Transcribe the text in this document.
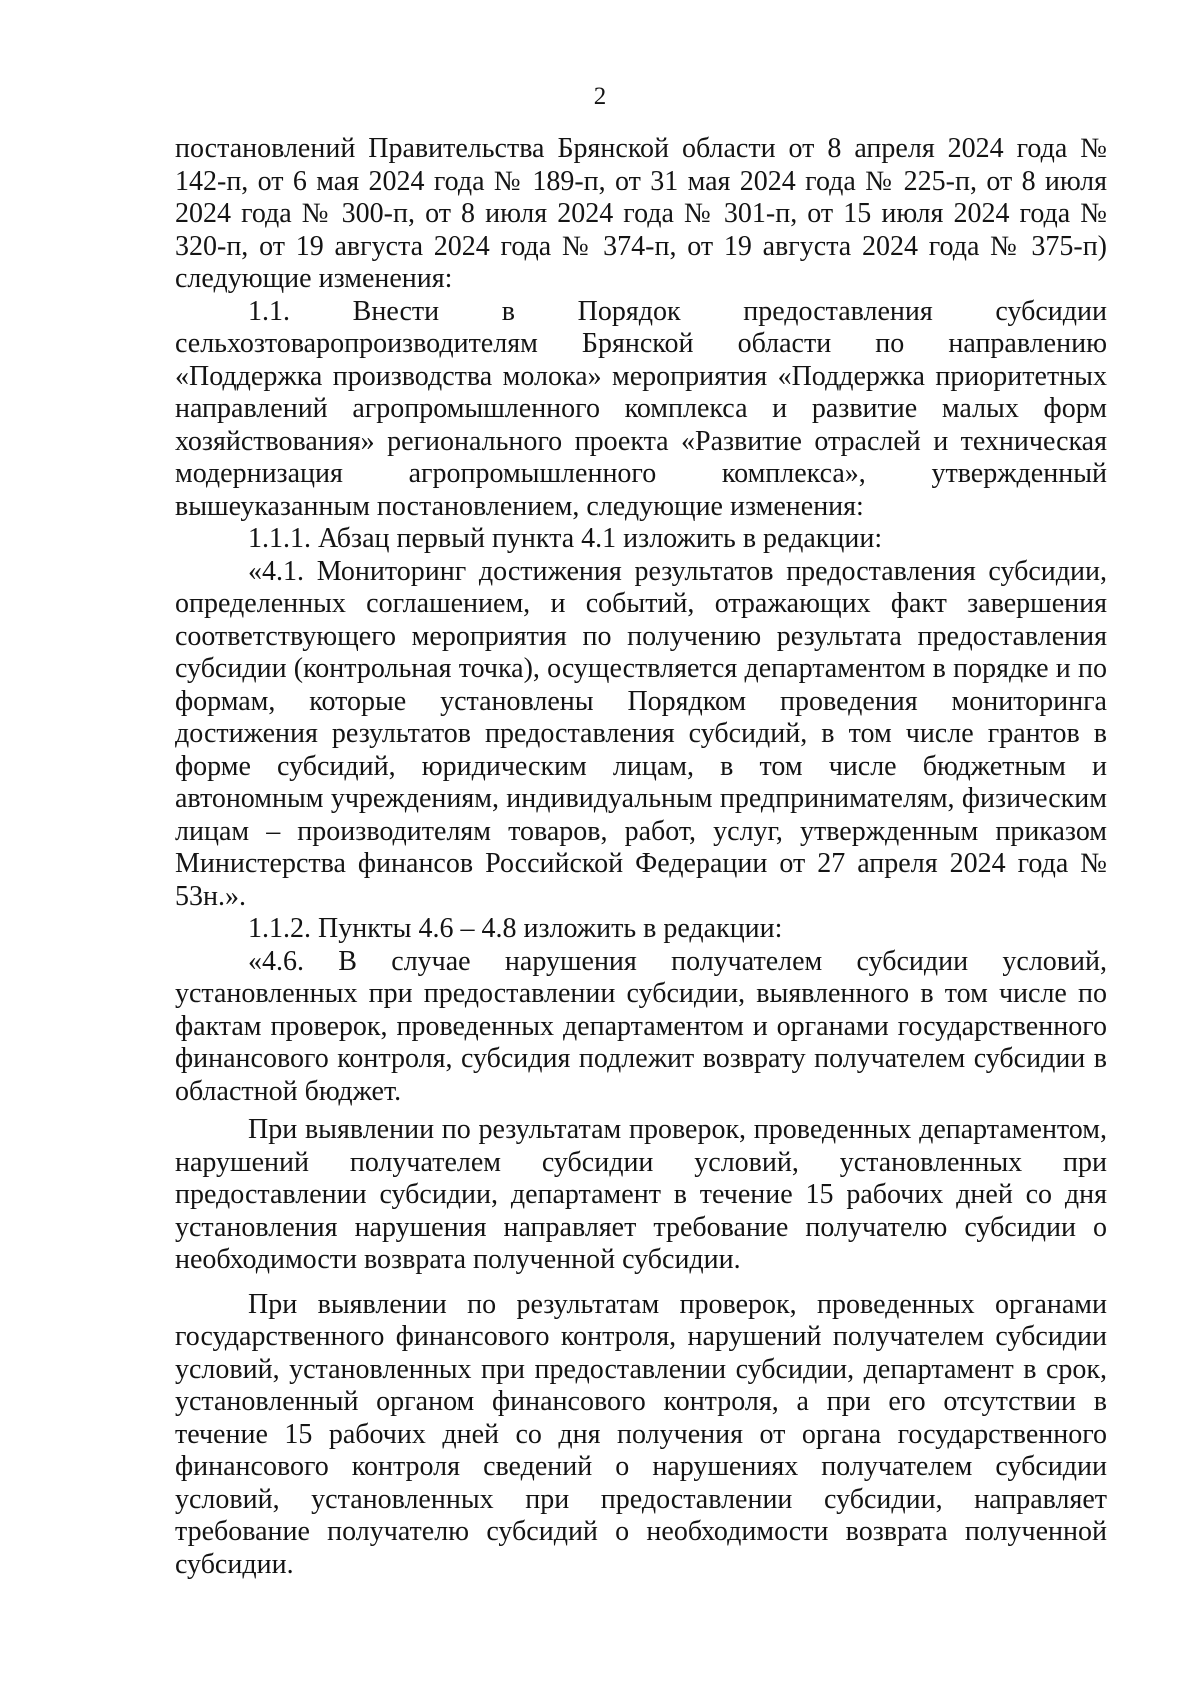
2

постановлений Правительства Брянской области от 8 апреля 2024 года № 142-п, от 6 мая 2024 года № 189-п, от 31 мая 2024 года № 225-п, от 8 июля 2024 года № 300-п, от 8 июля 2024 года № 301-п, от 15 июля 2024 года № 320-п, от 19 августа 2024 года № 374-п, от 19 августа 2024 года № 375-п) следующие изменения:

1.1. Внести в Порядок предоставления субсидии сельхозтоваропроизводителям Брянской области по направлению «Поддержка производства молока» мероприятия «Поддержка приоритетных направлений агропромышленного комплекса и развитие малых форм хозяйствования» регионального проекта «Развитие отраслей и техническая модернизация агропромышленного комплекса», утвержденный вышеуказанным постановлением, следующие изменения:

1.1.1. Абзац первый пункта 4.1 изложить в редакции:

«4.1. Мониторинг достижения результатов предоставления субсидии, определенных соглашением, и событий, отражающих факт завершения соответствующего мероприятия по получению результата предоставления субсидии (контрольная точка), осуществляется департаментом в порядке и по формам, которые установлены Порядком проведения мониторинга достижения результатов предоставления субсидий, в том числе грантов в форме субсидий, юридическим лицам, в том числе бюджетным и автономным учреждениям, индивидуальным предпринимателям, физическим лицам – производителям товаров, работ, услуг, утвержденным приказом Министерства финансов Российской Федерации от 27 апреля 2024 года № 53н.».

1.1.2. Пункты 4.6 – 4.8 изложить в редакции:

«4.6. В случае нарушения получателем субсидии условий, установленных при предоставлении субсидии, выявленного в том числе по фактам проверок, проведенных департаментом и органами государственного финансового контроля, субсидия подлежит возврату получателем субсидии в областной бюджет.

При выявлении по результатам проверок, проведенных департаментом, нарушений получателем субсидии условий, установленных при предоставлении субсидии, департамент в течение 15 рабочих дней со дня установления нарушения направляет требование получателю субсидии о необходимости возврата полученной субсидии.

При выявлении по результатам проверок, проведенных органами государственного финансового контроля, нарушений получателем субсидии условий, установленных при предоставлении субсидии, департамент в срок, установленный органом финансового контроля, а при его отсутствии в течение 15 рабочих дней со дня получения от органа государственного финансового контроля сведений о нарушениях получателем субсидии условий, установленных при предоставлении субсидии, направляет требование получателю субсидий о необходимости возврата полученной субсидии.
